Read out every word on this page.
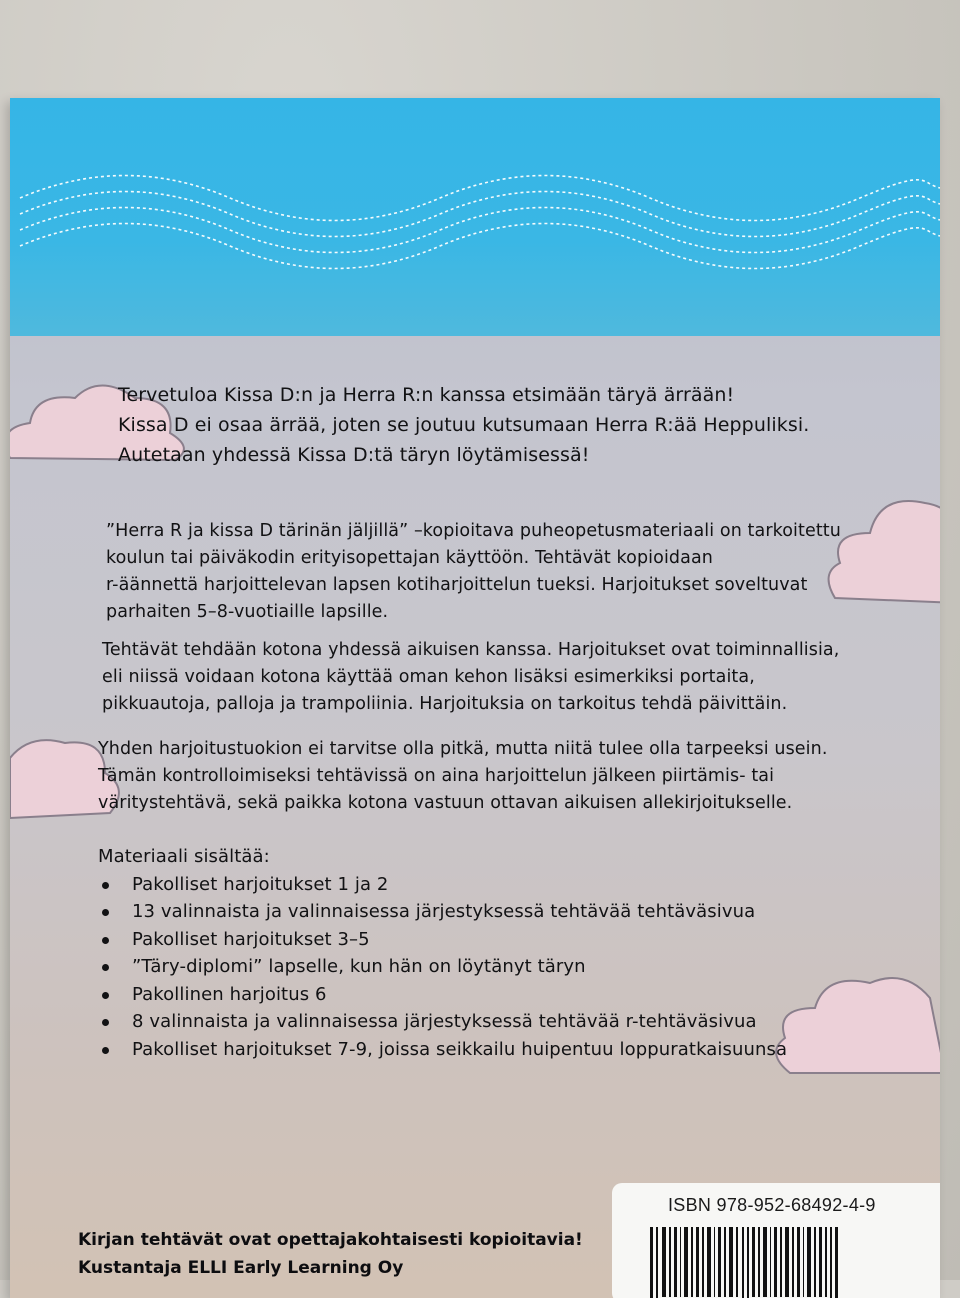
Tervetuloa Kissa D:n ja Herra R:n kanssa etsimään täryä ärrään!

Kissa D ei osaa ärrää, joten se joutuu kutsumaan Herra R:ää Heppuliksi.

Autetaan yhdessä Kissa D:tä täryn löytämisessä!

”Herra R ja kissa D tärinän jäljillä” –kopioitava puheopetusmateriaali on tarkoitettu

koulun tai päiväkodin erityisopettajan käyttöön. Tehtävät kopioidaan

r-äännettä harjoittelevan lapsen kotiharjoittelun tueksi. Harjoitukset soveltuvat

parhaiten 5–8-vuotiaille lapsille.

Tehtävät tehdään kotona yhdessä aikuisen kanssa. Harjoitukset ovat toiminnallisia,

eli niissä voidaan kotona käyttää oman kehon lisäksi esimerkiksi portaita,

pikkuautoja, palloja ja trampoliinia. Harjoituksia on tarkoitus tehdä päivittäin.

Yhden harjoitustuokion ei tarvitse olla pitkä, mutta niitä tulee olla tarpeeksi usein.

Tämän kontrolloimiseksi tehtävissä on aina harjoittelun jälkeen piirtämis- tai

väritystehtävä, sekä paikka kotona vastuun ottavan aikuisen allekirjoitukselle.

Materiaali sisältää:

Pakolliset harjoitukset 1 ja 2
13 valinnaista ja valinnaisessa järjestyksessä tehtävää tehtäväsivua
Pakolliset harjoitukset 3–5
”Täry-diplomi” lapselle, kun hän on löytänyt täryn
Pakollinen harjoitus 6
8 valinnaista ja valinnaisessa järjestyksessä tehtävää r-tehtäväsivua
Pakolliset harjoitukset 7-9, joissa seikkailu huipentuu loppuratkaisuunsa
ISBN 978-952-68492-4-9
Kirjan tehtävät ovat opettajakohtaisesti kopioitavia!
Kustantaja ELLI Early Learning Oy
